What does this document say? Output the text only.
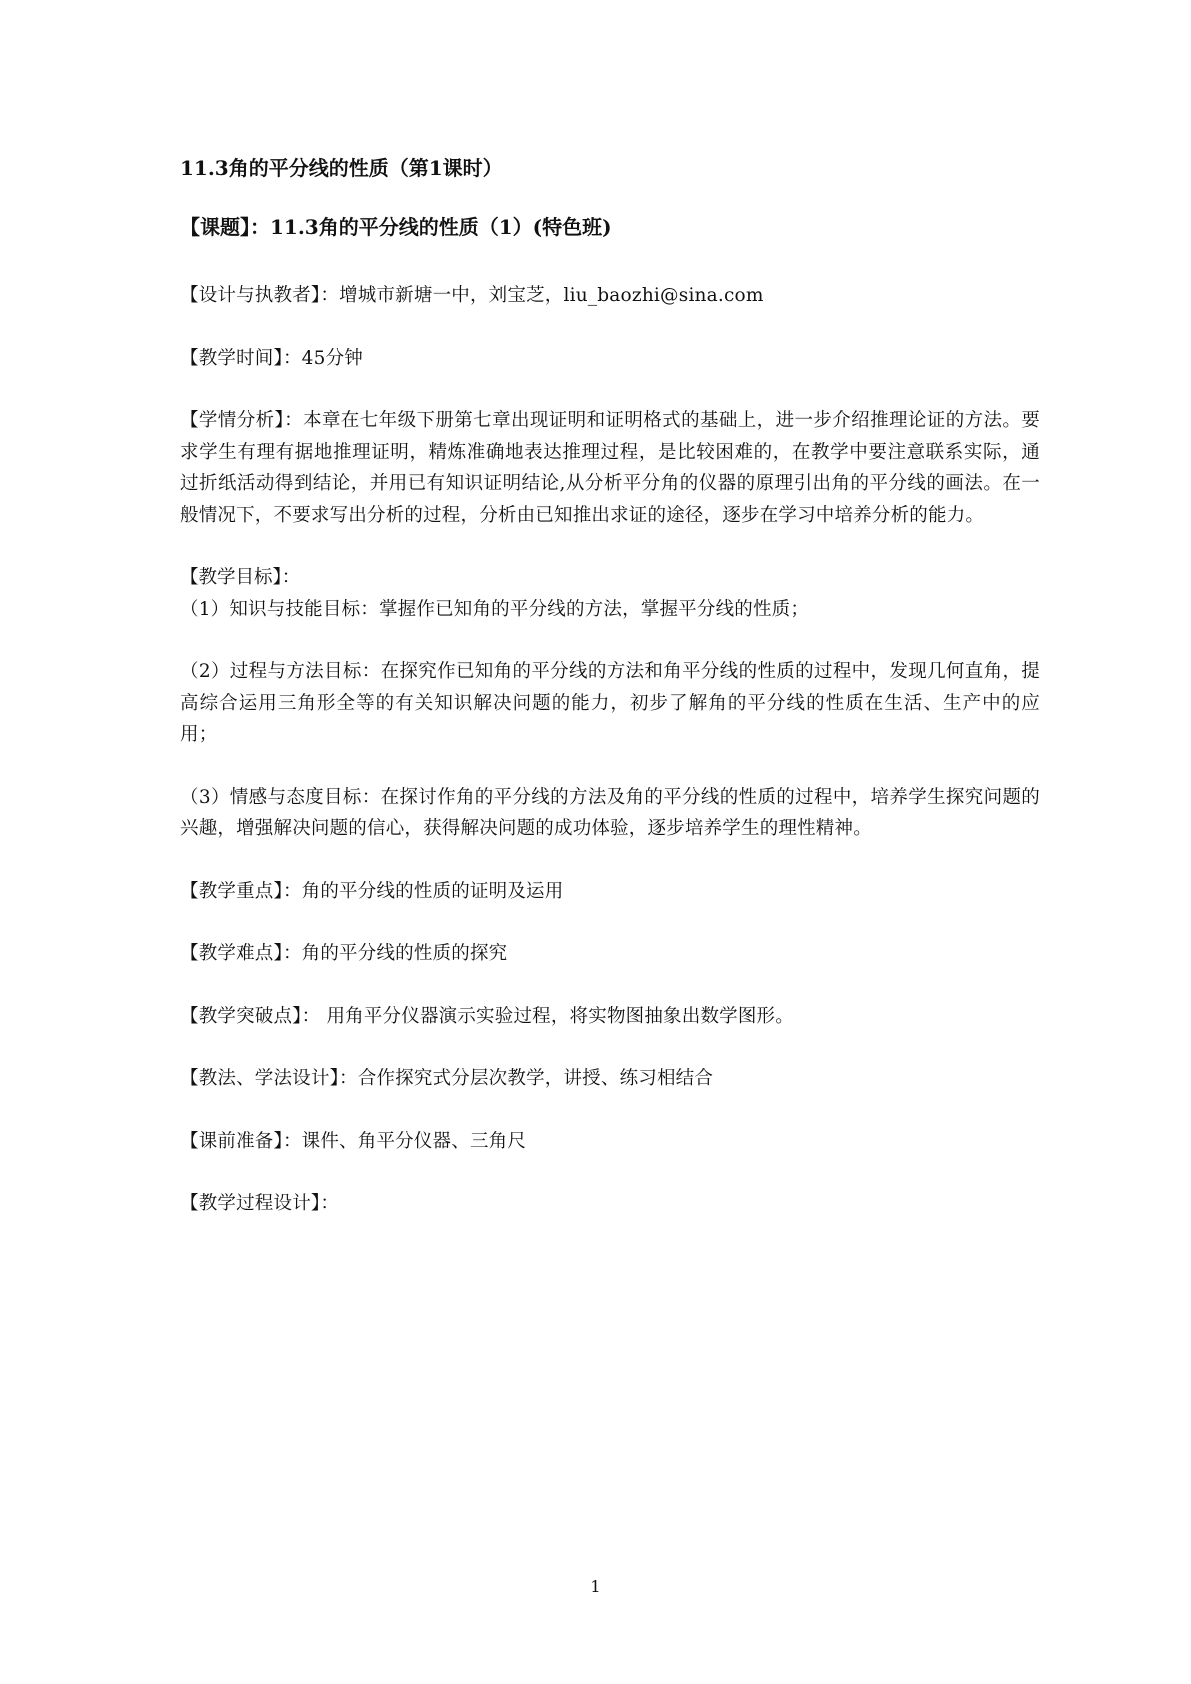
11.3角的平分线的性质（第1课时）
【课题】：11.3角的平分线的性质（1）(特色班)
【设计与执教者】：增城市新塘一中，刘宝芝，liu_baozhi@sina.com
【教学时间】：45分钟
【学情分析】：本章在七年级下册第七章出现证明和证明格式的基础上，进一步介绍推理论证的方法。要求学生有理有据地推理证明，精炼准确地表达推理过程，是比较困难的，在教学中要注意联系实际，通过折纸活动得到结论，并用已有知识证明结论,从分析平分角的仪器的原理引出角的平分线的画法。在一般情况下，不要求写出分析的过程，分析由已知推出求证的途径，逐步在学习中培养分析的能力。
【教学目标】：
（1）知识与技能目标：掌握作已知角的平分线的方法，掌握平分线的性质；
（2）过程与方法目标：在探究作已知角的平分线的方法和角平分线的性质的过程中，发现几何直角，提高综合运用三角形全等的有关知识解决问题的能力，初步了解角的平分线的性质在生活、生产中的应用；
（3）情感与态度目标：在探讨作角的平分线的方法及角的平分线的性质的过程中，培养学生探究问题的兴趣，增强解决问题的信心，获得解决问题的成功体验，逐步培养学生的理性精神。
【教学重点】：角的平分线的性质的证明及运用
【教学难点】：角的平分线的性质的探究
【教学突破点】： 用角平分仪器演示实验过程，将实物图抽象出数学图形。
【教法、学法设计】：合作探究式分层次教学，讲授、练习相结合
【课前准备】：课件、角平分仪器、三角尺
【教学过程设计】：
1
